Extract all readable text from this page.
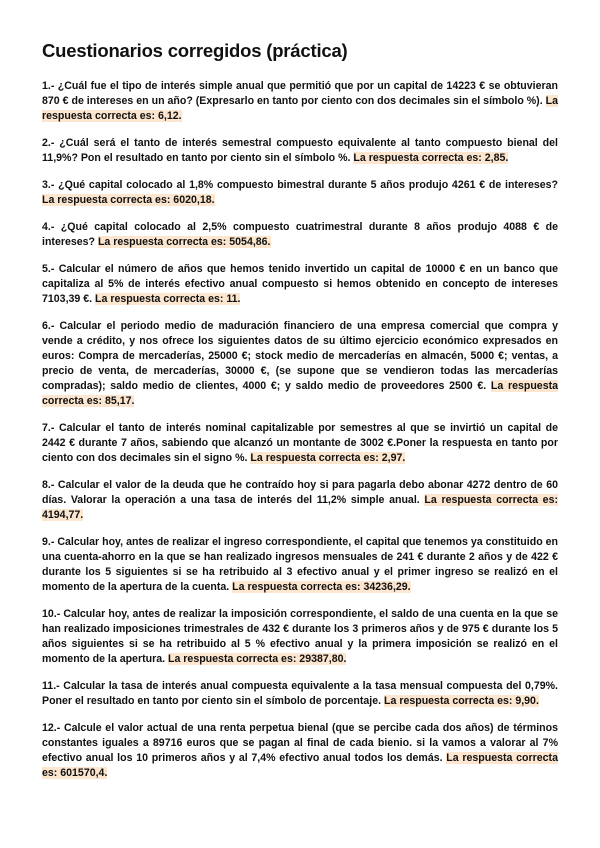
Cuestionarios corregidos (práctica)

1.- ¿Cuál fue el tipo de interés simple anual que permitió que por un capital de 14223 € se obtuvieran 870 € de intereses en un año? (Expresarlo en tanto por ciento con dos decimales sin el símbolo %). La respuesta correcta es: 6,12.

2.- ¿Cuál será el tanto de interés semestral compuesto equivalente al tanto compuesto bienal del 11,9%? Pon el resultado en tanto por ciento sin el símbolo %. La respuesta correcta es: 2,85.

3.- ¿Qué capital colocado al 1,8% compuesto bimestral durante 5 años produjo 4261 € de intereses? La respuesta correcta es: 6020,18.

4.- ¿Qué capital colocado al 2,5% compuesto cuatrimestral durante 8 años produjo 4088 € de intereses? La respuesta correcta es: 5054,86.

5.- Calcular el número de años que hemos tenido invertido un capital de 10000 € en un banco que capitaliza al 5% de interés efectivo anual compuesto si hemos obtenido en concepto de intereses 7103,39 €. La respuesta correcta es: 11.

6.- Calcular el periodo medio de maduración financiero de una empresa comercial que compra y vende a crédito, y nos ofrece los siguientes datos de su último ejercicio económico expresados en euros: Compra de mercaderías, 25000 €; stock medio de mercaderías en almacén, 5000 €; ventas, a precio de venta, de mercaderías, 30000 €, (se supone que se vendieron todas las mercaderías compradas); saldo medio de clientes, 4000 €; y saldo medio de proveedores 2500 €. La respuesta correcta es: 85,17.

7.- Calcular el tanto de interés nominal capitalizable por semestres al que se invirtió un capital de 2442 € durante 7 años, sabiendo que alcanzó un montante de 3002 €.Poner la respuesta en tanto por ciento con dos decimales sin el signo %. La respuesta correcta es: 2,97.

8.- Calcular el valor de la deuda que he contraído hoy si para pagarla debo abonar 4272 dentro de 60 días. Valorar la operación a una tasa de interés del 11,2% simple anual. La respuesta correcta es: 4194,77.

9.- Calcular hoy, antes de realizar el ingreso correspondiente, el capital que tenemos ya constituido en una cuenta-ahorro en la que se han realizado ingresos mensuales de 241 € durante 2 años y de 422 € durante los 5 siguientes si se ha retribuido al 3 efectivo anual y el primer ingreso se realizó en el momento de la apertura de la cuenta. La respuesta correcta es: 34236,29.

10.- Calcular hoy, antes de realizar la imposición correspondiente, el saldo de una cuenta en la que se han realizado imposiciones trimestrales de 432 € durante los 3 primeros años y de 975 € durante los 5 años siguientes si se ha retribuido al 5 % efectivo anual y la primera imposición se realizó en el momento de la apertura. La respuesta correcta es: 29387,80.

11.- Calcular la tasa de interés anual compuesta equivalente a la tasa mensual compuesta del 0,79%. Poner el resultado en tanto por ciento sin el símbolo de porcentaje. La respuesta correcta es: 9,90.

12.- Calcule el valor actual de una renta perpetua bienal (que se percibe cada dos años) de términos constantes iguales a 89716 euros que se pagan al final de cada bienio. si la vamos a valorar al 7% efectivo anual los 10 primeros años y al 7,4% efectivo anual todos los demás. La respuesta correcta es: 601570,4.
